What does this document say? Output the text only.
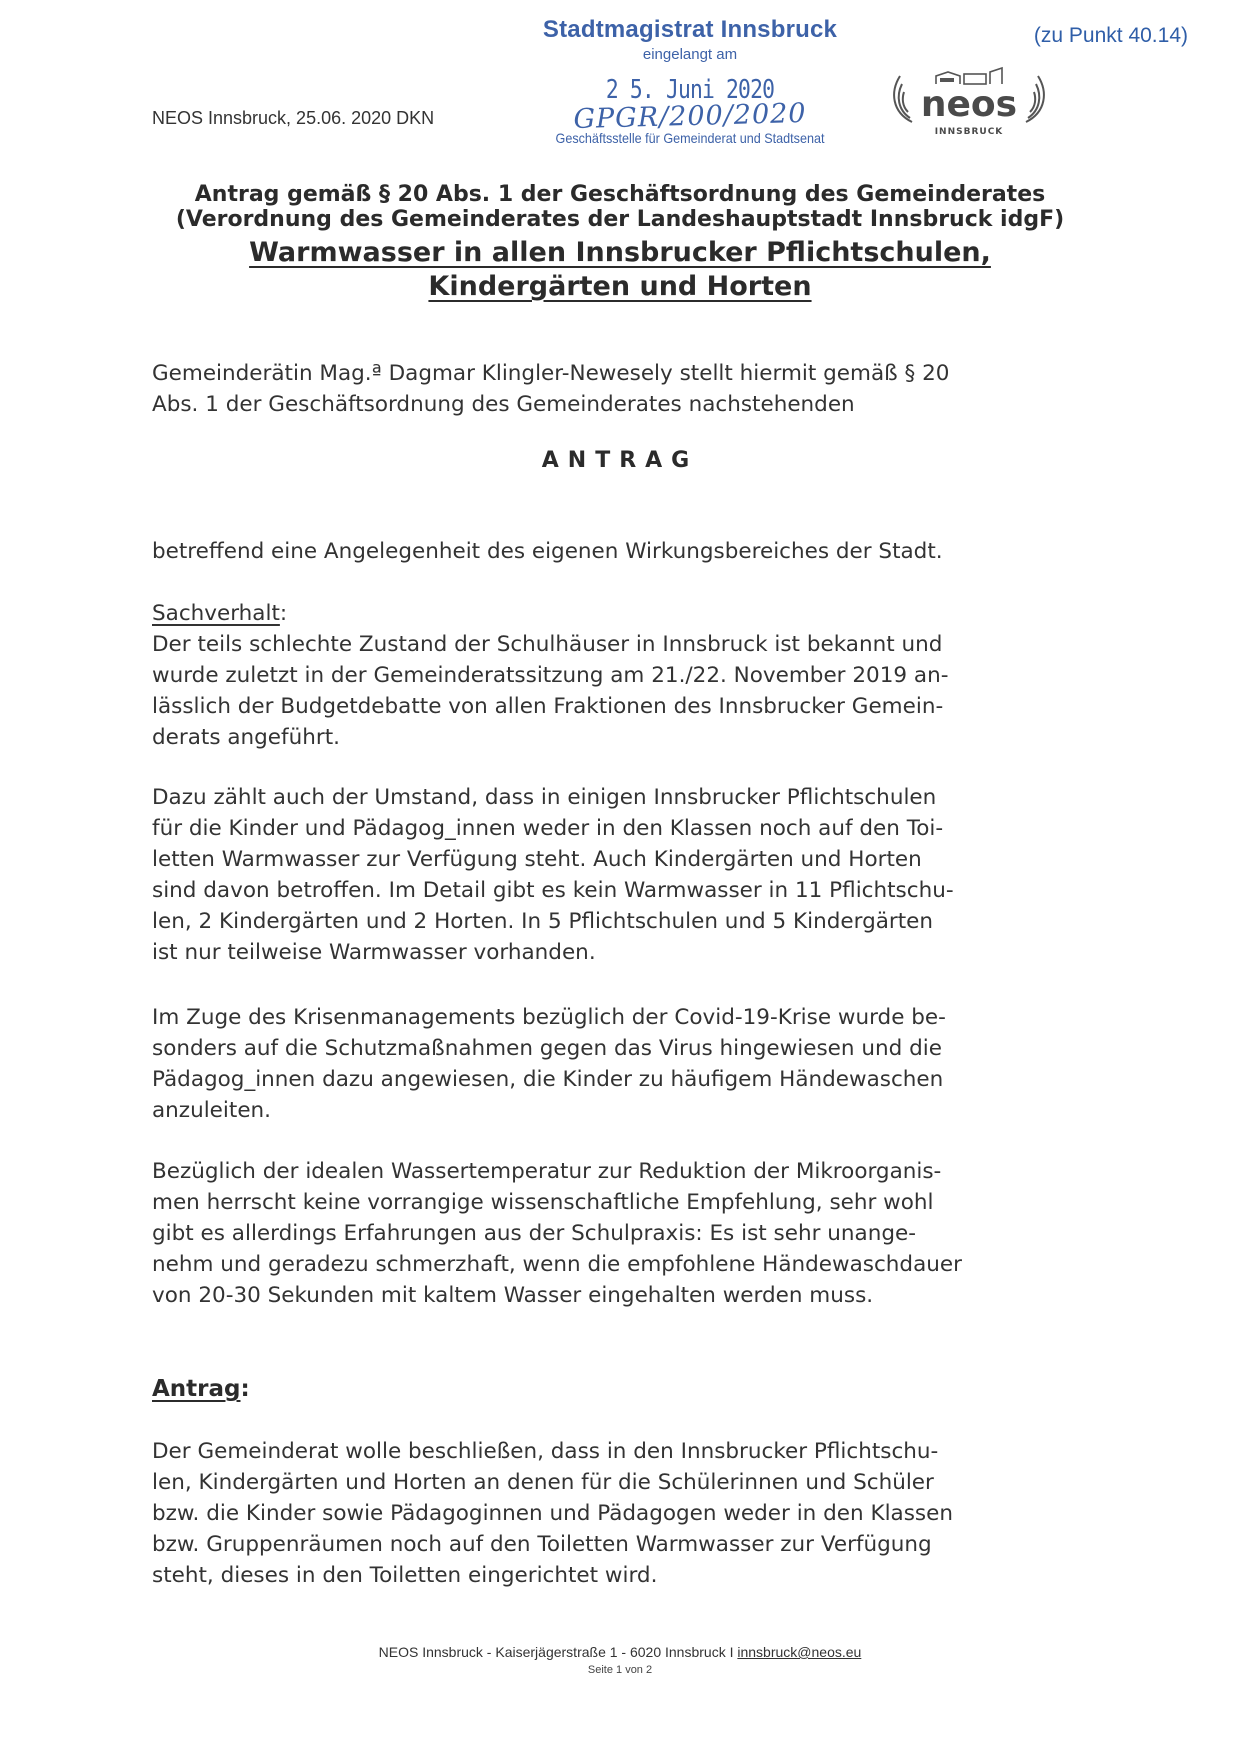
(zu Punkt 40.14)
Stadtmagistrat Innsbruck
eingelangt am
2 5. Juni 2020
GPGR/200/2020
Geschäftsstelle für Gemeinderat und Stadtsenat
NEOS Innsbruck, 25.06. 2020 DKN	neos
INNSBRUCK
Antrag gemäß § 20 Abs. 1 der Geschäftsordnung des Gemeinderates
(Verordnung des Gemeinderates der Landeshauptstadt Innsbruck idgF)
Warmwasser in allen Innsbrucker Pflichtschulen,
Kindergärten und Horten
Gemeinderätin Mag.ª Dagmar Klingler-Newesely stellt hiermit gemäß § 20
Abs. 1 der Geschäftsordnung des Gemeinderates nachstehenden
ANTRAG
betreffend eine Angelegenheit des eigenen Wirkungsbereiches der Stadt.
Sachverhalt:
Der teils schlechte Zustand der Schulhäuser in Innsbruck ist bekannt und
wurde zuletzt in der Gemeinderatssitzung am 21./22. November 2019 an-
lässlich der Budgetdebatte von allen Fraktionen des Innsbrucker Gemein-
derats angeführt.
Dazu zählt auch der Umstand, dass in einigen Innsbrucker Pflichtschulen
für die Kinder und Pädagog_innen weder in den Klassen noch auf den Toi-
letten Warmwasser zur Verfügung steht. Auch Kindergärten und Horten
sind davon betroffen. Im Detail gibt es kein Warmwasser in 11 Pflichtschu-
len, 2 Kindergärten und 2 Horten. In 5 Pflichtschulen und 5 Kindergärten
ist nur teilweise Warmwasser vorhanden.
Im Zuge des Krisenmanagements bezüglich der Covid-19-Krise wurde be-
sonders auf die Schutzmaßnahmen gegen das Virus hingewiesen und die
Pädagog_innen dazu angewiesen, die Kinder zu häufigem Händewaschen
anzuleiten.
Bezüglich der idealen Wassertemperatur zur Reduktion der Mikroorganis-
men herrscht keine vorrangige wissenschaftliche Empfehlung, sehr wohl
gibt es allerdings Erfahrungen aus der Schulpraxis: Es ist sehr unange-
nehm und geradezu schmerzhaft, wenn die empfohlene Händewaschdauer
von 20-30 Sekunden mit kaltem Wasser eingehalten werden muss.
Antrag:
Der Gemeinderat wolle beschließen, dass in den Innsbrucker Pflichtschu-
len, Kindergärten und Horten an denen für die Schülerinnen und Schüler
bzw. die Kinder sowie Pädagoginnen und Pädagogen weder in den Klassen
bzw. Gruppenräumen noch auf den Toiletten Warmwasser zur Verfügung
steht, dieses in den Toiletten eingerichtet wird.
NEOS Innsbruck - Kaiserjägerstraße 1 - 6020 Innsbruck I innsbruck@neos.eu
Seite 1 von 2
